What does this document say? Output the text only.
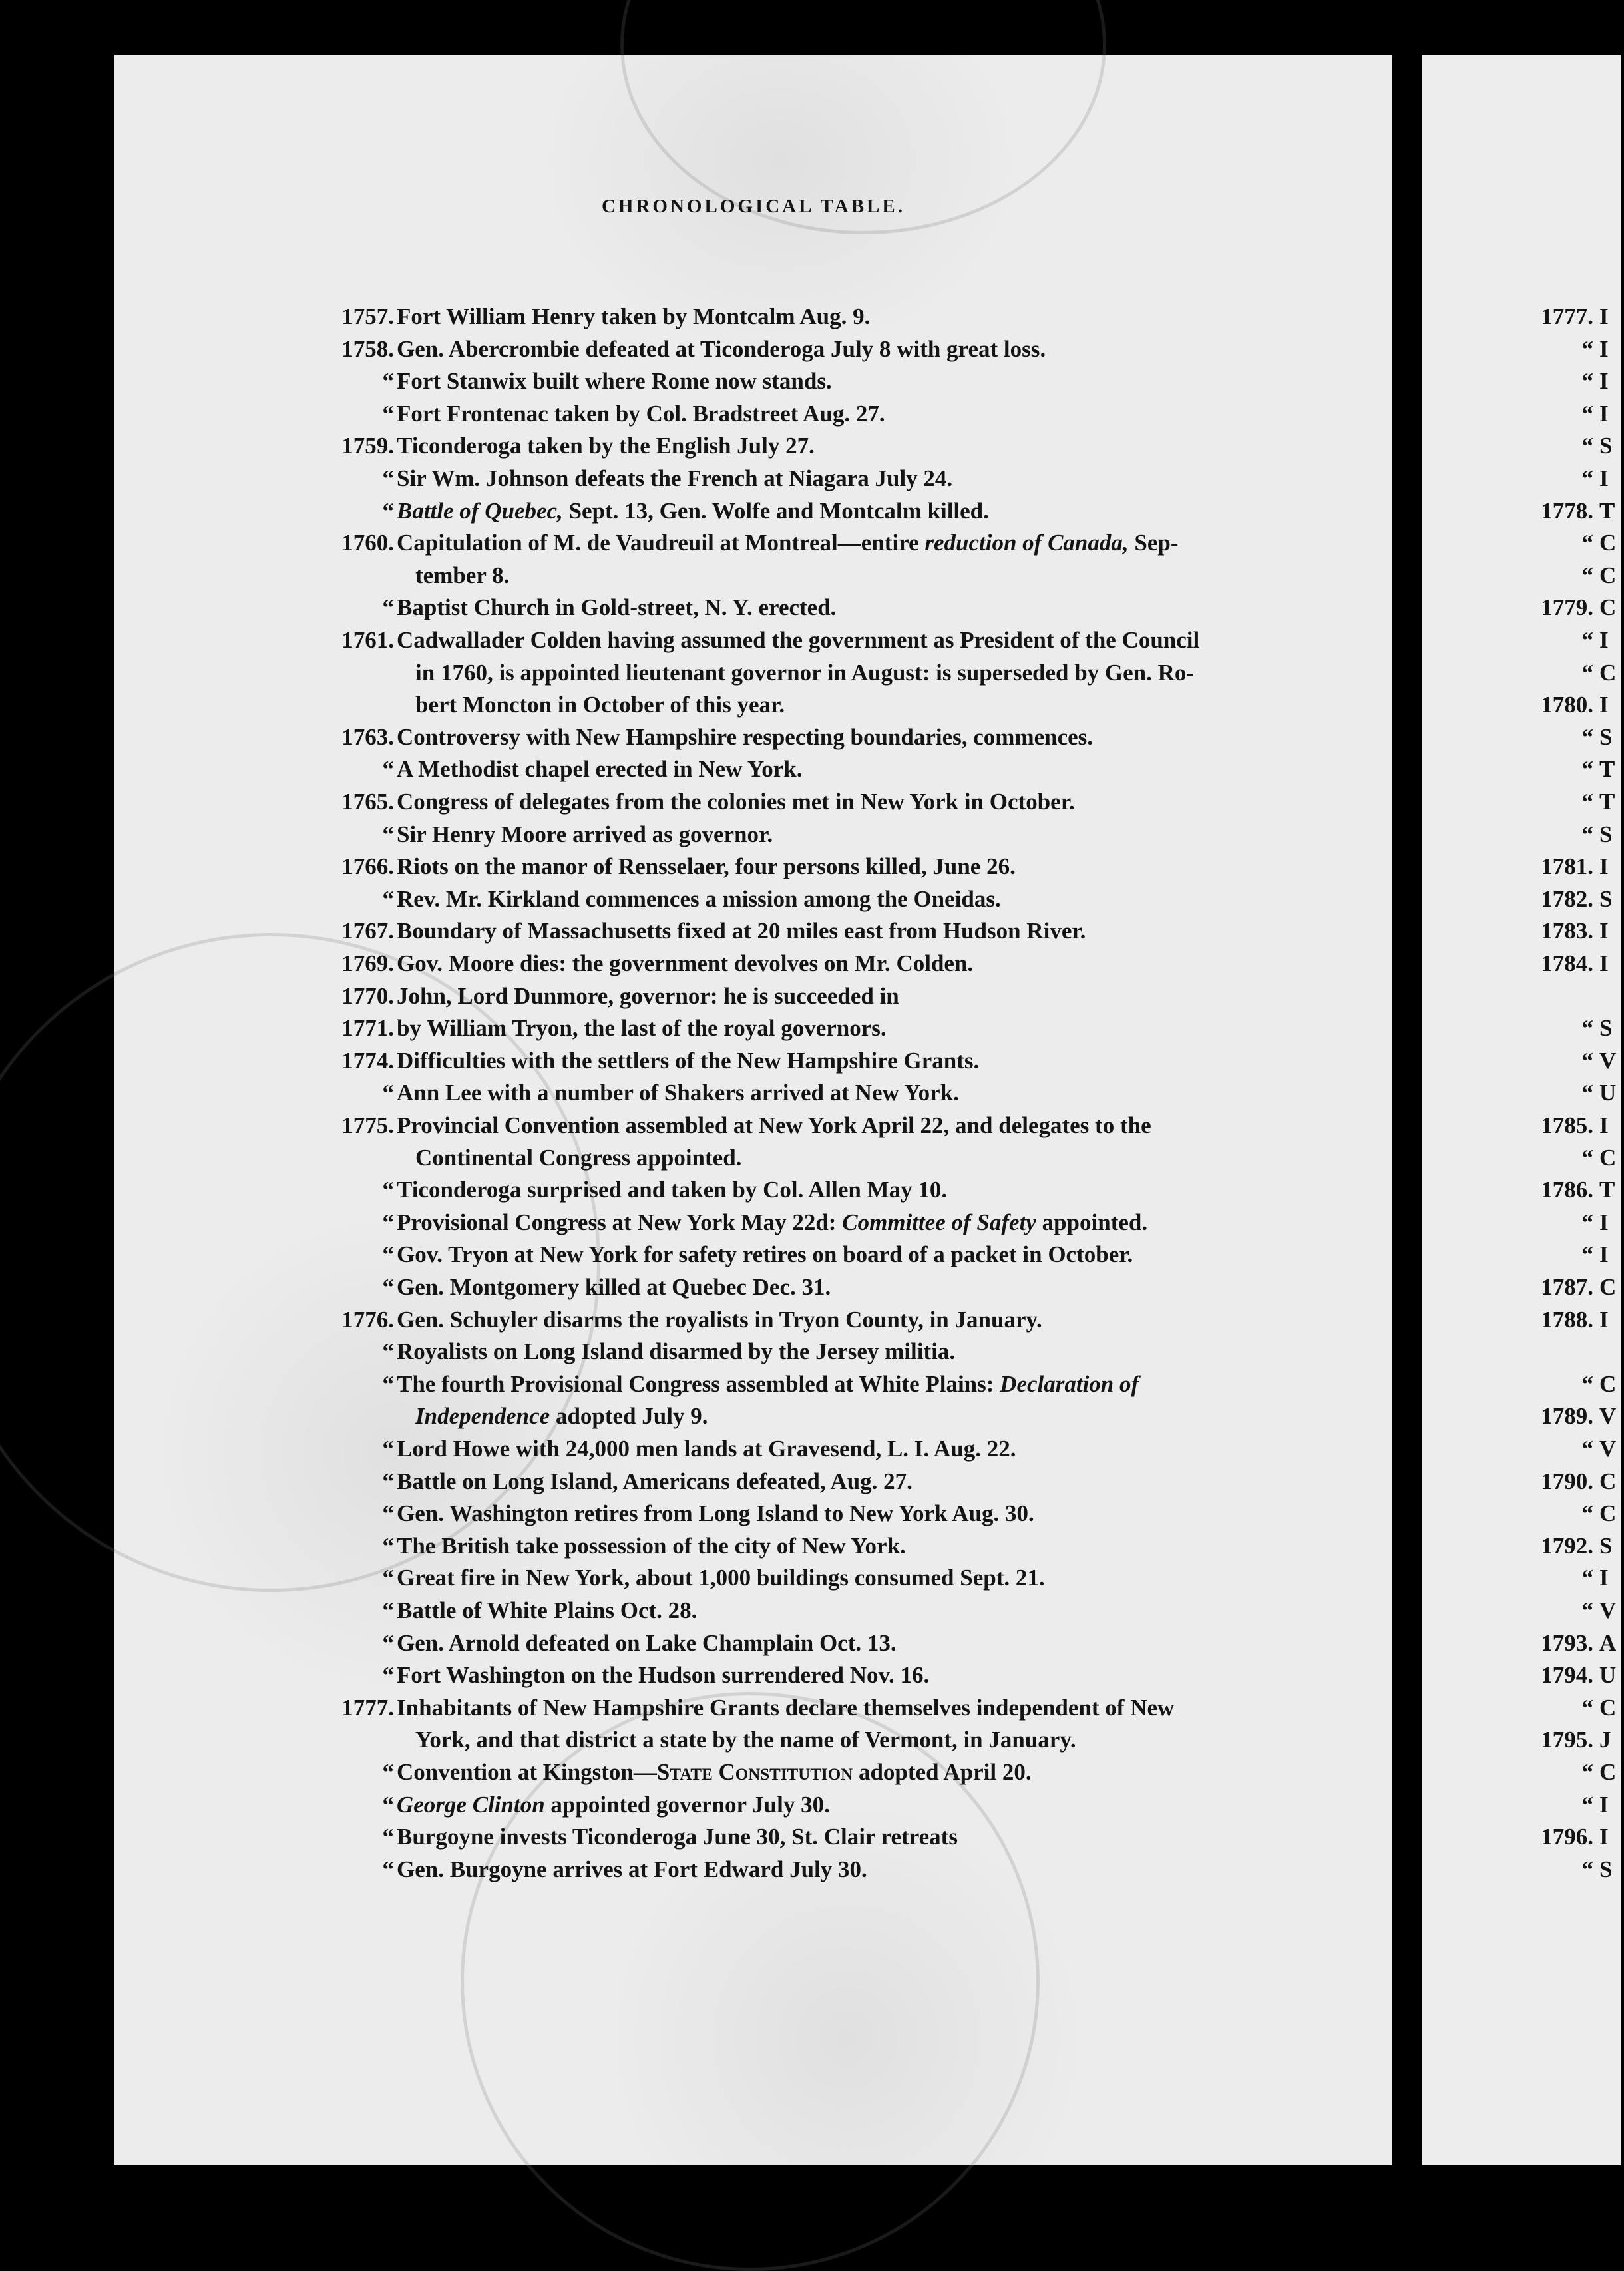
CHRONOLOGICAL TABLE.
1757. Fort William Henry taken by Montcalm Aug. 9.
1758. Gen. Abercrombie defeated at Ticonderoga July 8 with great loss.
“ Fort Stanwix built where Rome now stands.
“ Fort Frontenac taken by Col. Bradstreet Aug. 27.
1759. Ticonderoga taken by the English July 27.
“ Sir Wm. Johnson defeats the French at Niagara July 24.
“ Battle of Quebec, Sept. 13, Gen. Wolfe and Montcalm killed.
1760. Capitulation of M. de Vaudreuil at Montreal—entire reduction of Canada, Sep-
tember 8.
“ Baptist Church in Gold-street, N. Y. erected.
1761. Cadwallader Colden having assumed the government as President of the Council
in 1760, is appointed lieutenant governor in August: is superseded by Gen. Ro-
bert Moncton in October of this year.
1763. Controversy with New Hampshire respecting boundaries, commences.
“ A Methodist chapel erected in New York.
1765. Congress of delegates from the colonies met in New York in October.
“ Sir Henry Moore arrived as governor.
1766. Riots on the manor of Rensselaer, four persons killed, June 26.
“ Rev. Mr. Kirkland commences a mission among the Oneidas.
1767. Boundary of Massachusetts fixed at 20 miles east from Hudson River.
1769. Gov. Moore dies: the government devolves on Mr. Colden.
1770. John, Lord Dunmore, governor: he is succeeded in
1771. by William Tryon, the last of the royal governors.
1774. Difficulties with the settlers of the New Hampshire Grants.
“ Ann Lee with a number of Shakers arrived at New York.
1775. Provincial Convention assembled at New York April 22, and delegates to the
Continental Congress appointed.
“ Ticonderoga surprised and taken by Col. Allen May 10.
“ Provisional Congress at New York May 22d: Committee of Safety appointed.
“ Gov. Tryon at New York for safety retires on board of a packet in October.
“ Gen. Montgomery killed at Quebec Dec. 31.
1776. Gen. Schuyler disarms the royalists in Tryon County, in January.
“ Royalists on Long Island disarmed by the Jersey militia.
“ The fourth Provisional Congress assembled at White Plains: Declaration of
Independence adopted July 9.
“ Lord Howe with 24,000 men lands at Gravesend, L. I. Aug. 22.
“ Battle on Long Island, Americans defeated, Aug. 27.
“ Gen. Washington retires from Long Island to New York Aug. 30.
“ The British take possession of the city of New York.
“ Great fire in New York, about 1,000 buildings consumed Sept. 21.
“ Battle of White Plains Oct. 28.
“ Gen. Arnold defeated on Lake Champlain Oct. 13.
“ Fort Washington on the Hudson surrendered Nov. 16.
1777. Inhabitants of New Hampshire Grants declare themselves independent of New
York, and that district a state by the name of Vermont, in January.
“ Convention at Kingston—State Constitution adopted April 20.
“ George Clinton appointed governor July 30.
“ Burgoyne invests Ticonderoga June 30, St. Clair retreats
“ Gen. Burgoyne arrives at Fort Edward July 30.
1777. I
“ I
“ I
“ I
“ S
“ I
1778. T
“ C
“ C
1779. C
“ I
“ C
1780. I
“ S
“ T
“ T
“ S
1781. I
1782. S
1783. I
1784. I
“ S
“ V
“ U
1785. I
“ C
1786. T
“ I
“ I
1787. C
1788. I
“ C
1789. V
“ V
1790. C
“ C
1792. S
“ I
“ V
1793. A
1794. U
“ C
1795. J
“ C
“ I
1796. I
“ S
